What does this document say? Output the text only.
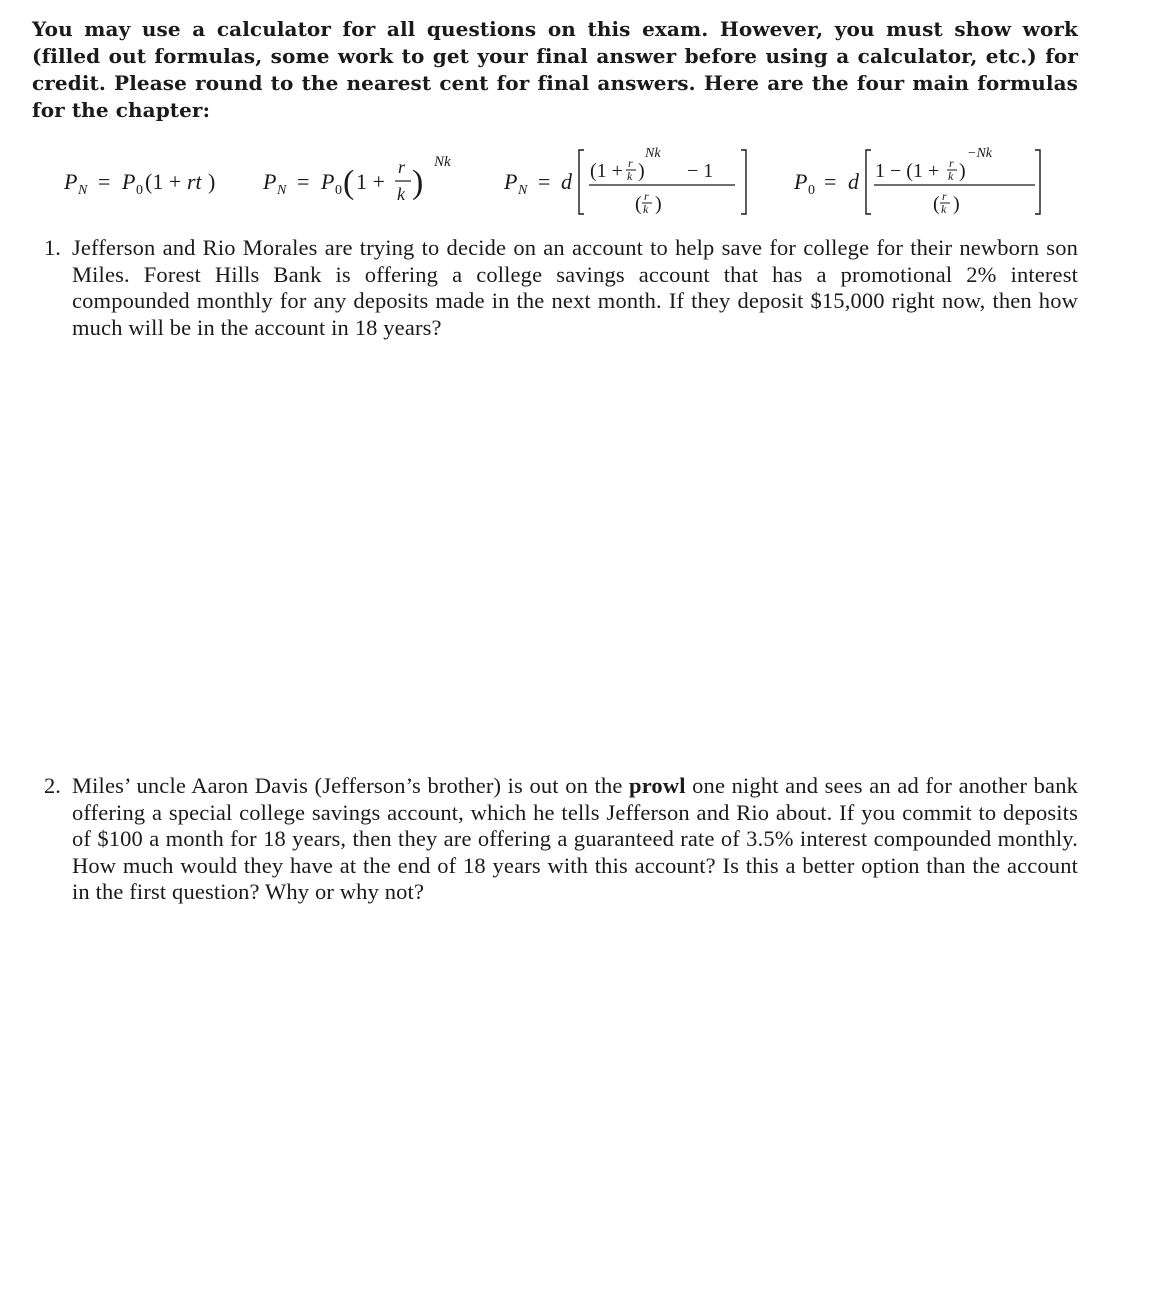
You may use a calculator for all questions on this exam. However, you must show work (filled out formulas, some work to get your final answer before using a calculator, etc.) for credit. Please round to the nearest cent for final answers. Here are the four main formulas for the chapter:
P N = P 0 (1 + rt ) P N = P 0 ( 1 +
r
k )
Nk
P N = d (1 + r
k )
Nk
− 1
( r
k )
P 0 = d 1 − (1 + r
k )
−Nk
( r
k )
1. Jefferson and Rio Morales are trying to decide on an account to help save for college for their newborn son Miles. Forest Hills Bank is offering a college savings account that has a promotional 2% interest compounded monthly for any deposits made in the next month. If they deposit $15,000 right now, then how much will be in the account in 18 years?
2. Miles’ uncle Aaron Davis (Jefferson’s brother) is out on the prowl one night and sees an ad for another bank offering a special college savings account, which he tells Jefferson and Rio about. If you commit to deposits of $100 a month for 18 years, then they are offering a guaranteed rate of 3.5% interest compounded monthly. How much would they have at the end of 18 years with this account? Is this a better option than the account in the first question? Why or why not?
